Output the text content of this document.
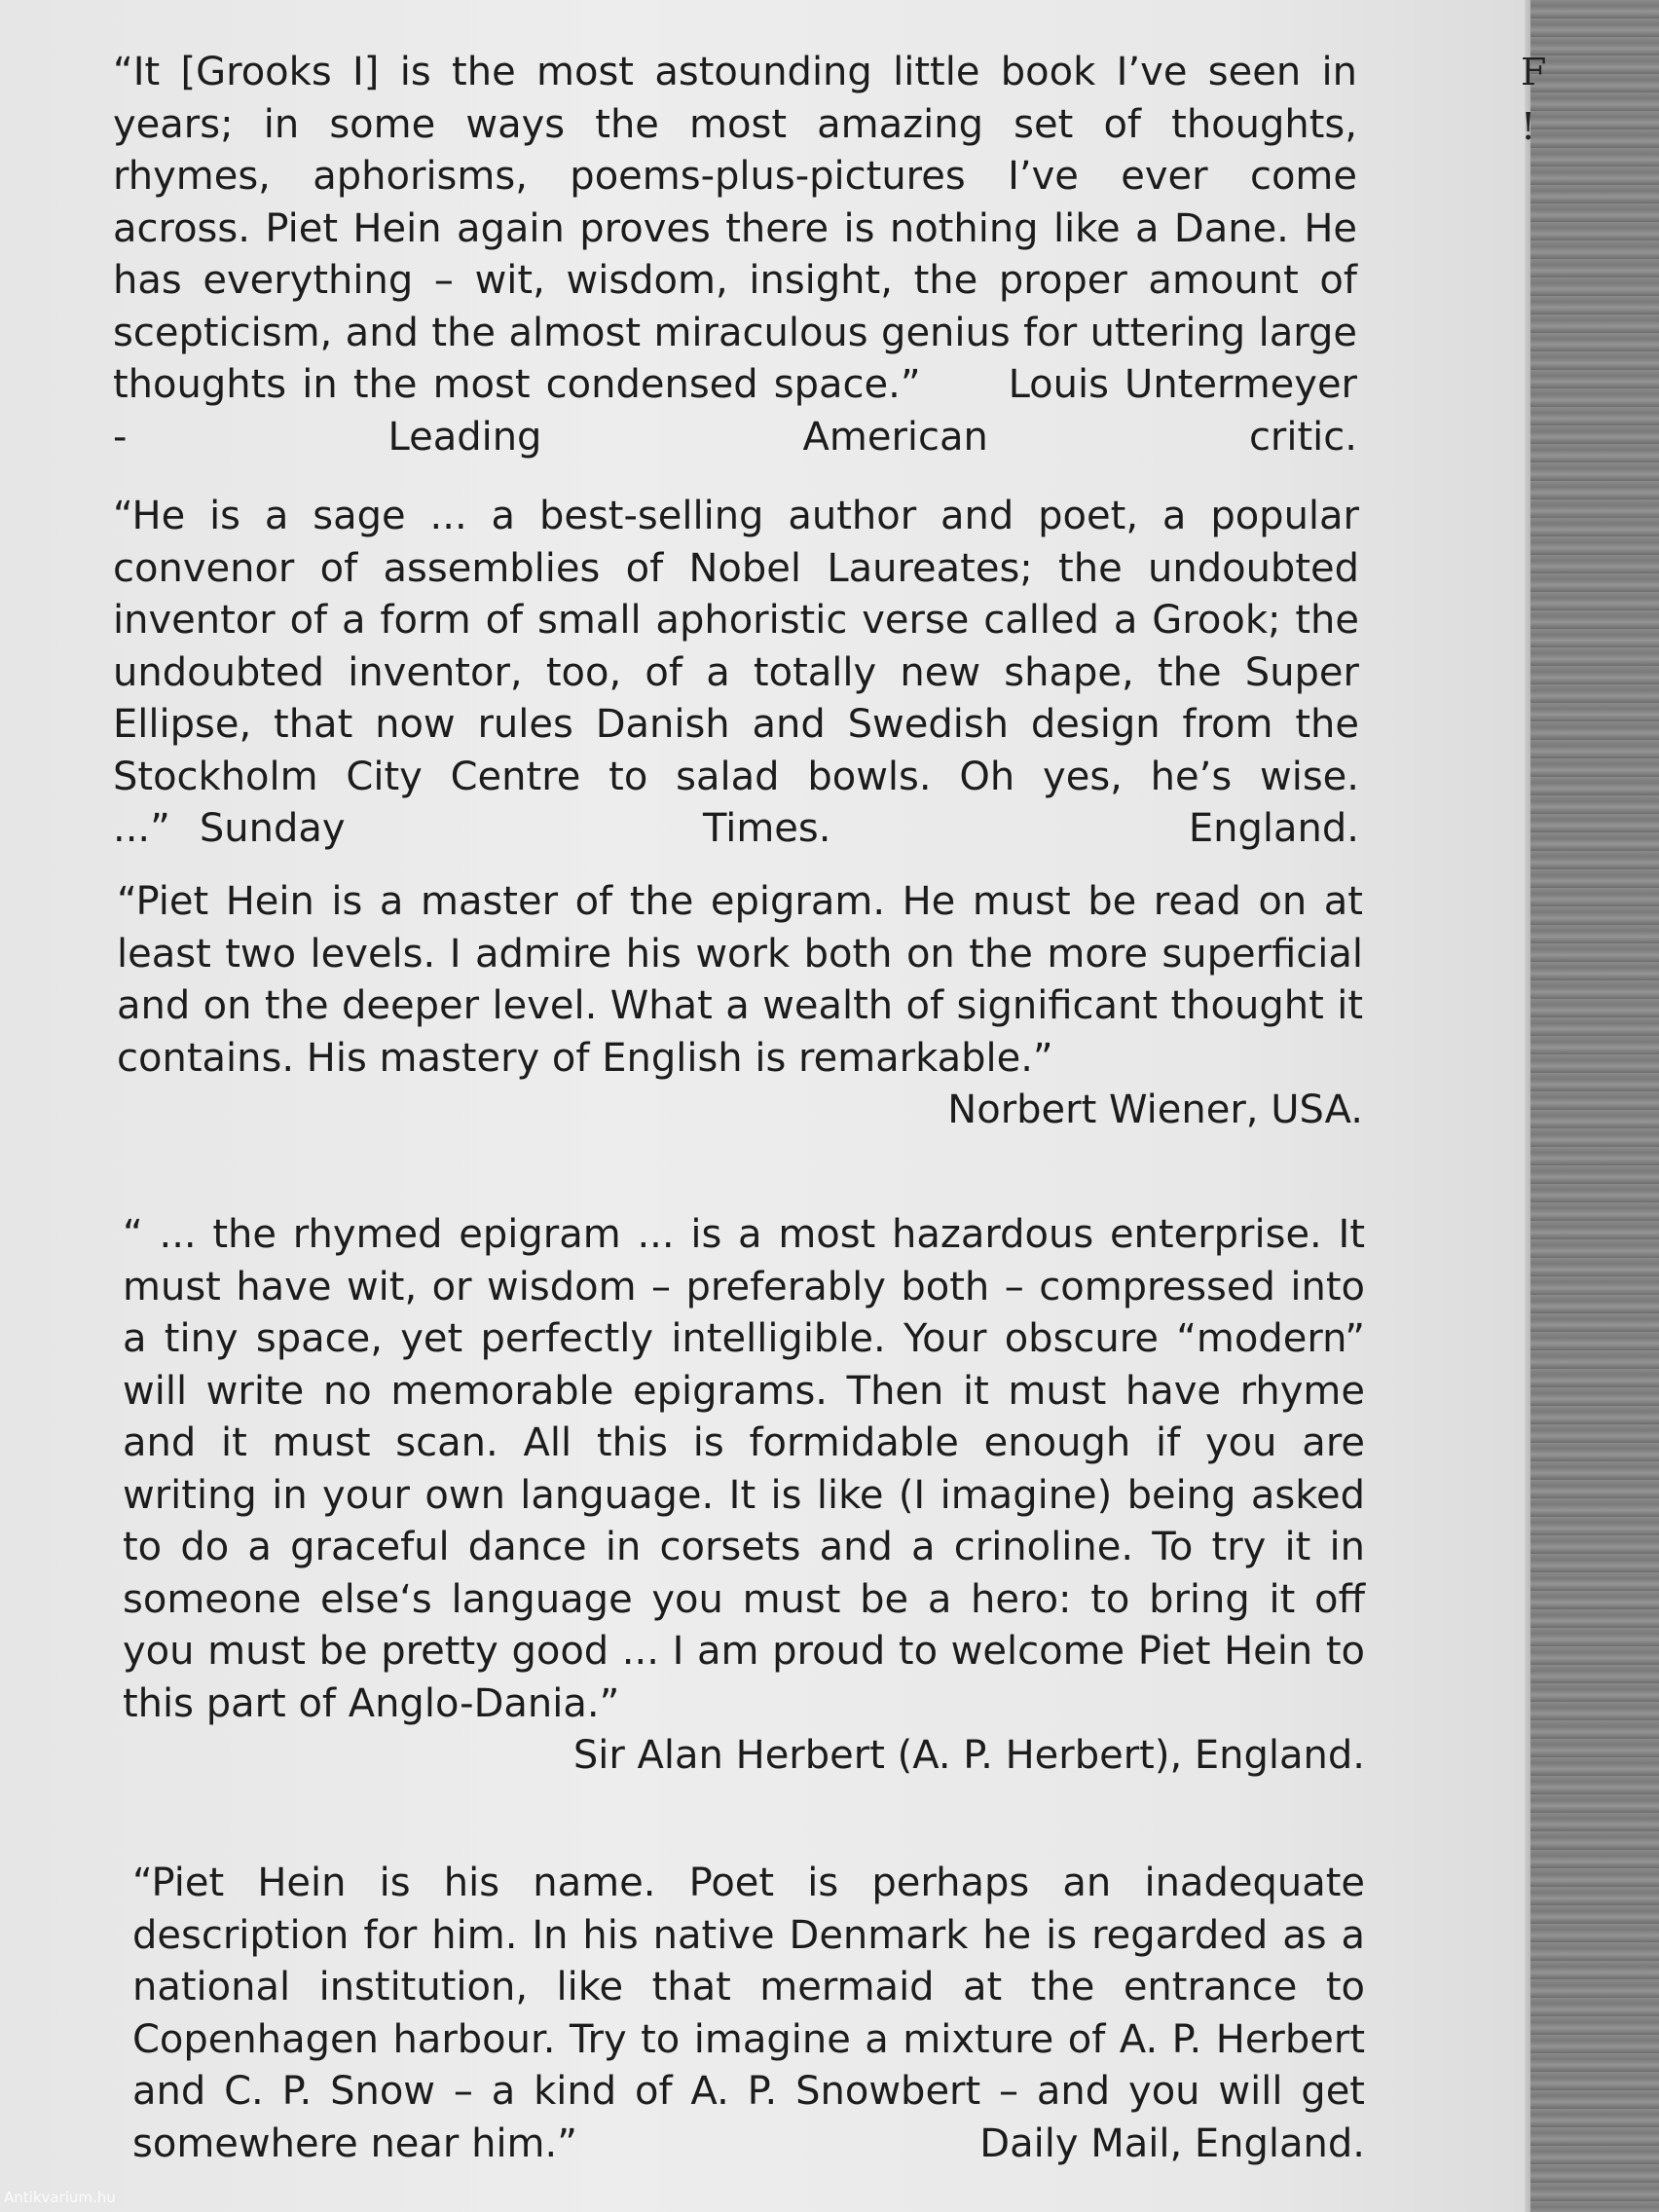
“It [Grooks I] is the most astounding little book I’ve seen in years; in some ways the most amazing set of thoughts, rhymes, aphorisms, poems-plus-pictures I’ve ever come across. Piet Hein again proves there is nothing like a Dane. He has everything – wit, wisdom, insight, the proper amount of scepticism, and the almost miraculous genius for uttering large thoughts in the most condensed space.” Louis Untermeyer - Leading American critic.
“He is a sage ... a best-selling author and poet, a popular convenor of assemblies of Nobel Laureates; the undoubted inventor of a form of small aphoristic verse called a Grook; the undoubted inventor, too, of a totally new shape, the Super Ellipse, that now rules Danish and Swedish design from the Stockholm City Centre to salad bowls. Oh yes, he’s wise. ...” Sunday Times. England.
“Piet Hein is a master of the epigram. He must be read on at least two levels. I admire his work both on the more superficial and on the deeper level. What a wealth of significant thought it contains. His mastery of English is remarkable.”
Norbert Wiener, USA.
“ ... the rhymed epigram ... is a most hazardous enterprise. It must have wit, or wisdom – preferably both – compressed into a tiny space, yet perfectly intelligible. Your obscure “modern” will write no memorable epigrams. Then it must have rhyme and it must scan. All this is formidable enough if you are writing in your own language. It is like (I imagine) being asked to do a graceful dance in corsets and a crinoline. To try it in someone else‘s language you must be a hero: to bring it off you must be pretty good ... I am proud to welcome Piet Hein to this part of Anglo-Dania.”
Sir Alan Herbert (A. P. Herbert), England.
“Piet Hein is his name. Poet is perhaps an inadequate description for him. In his native Denmark he is regarded as a national institution, like that mermaid at the entrance to Copenhagen harbour. Try to imagine a mixture of A. P. Herbert and C. P. Snow – a kind of A. P. Snowbert – and you will get somewhere near him.”	Daily Mail, England.
F
!
Antikvarium.hu
